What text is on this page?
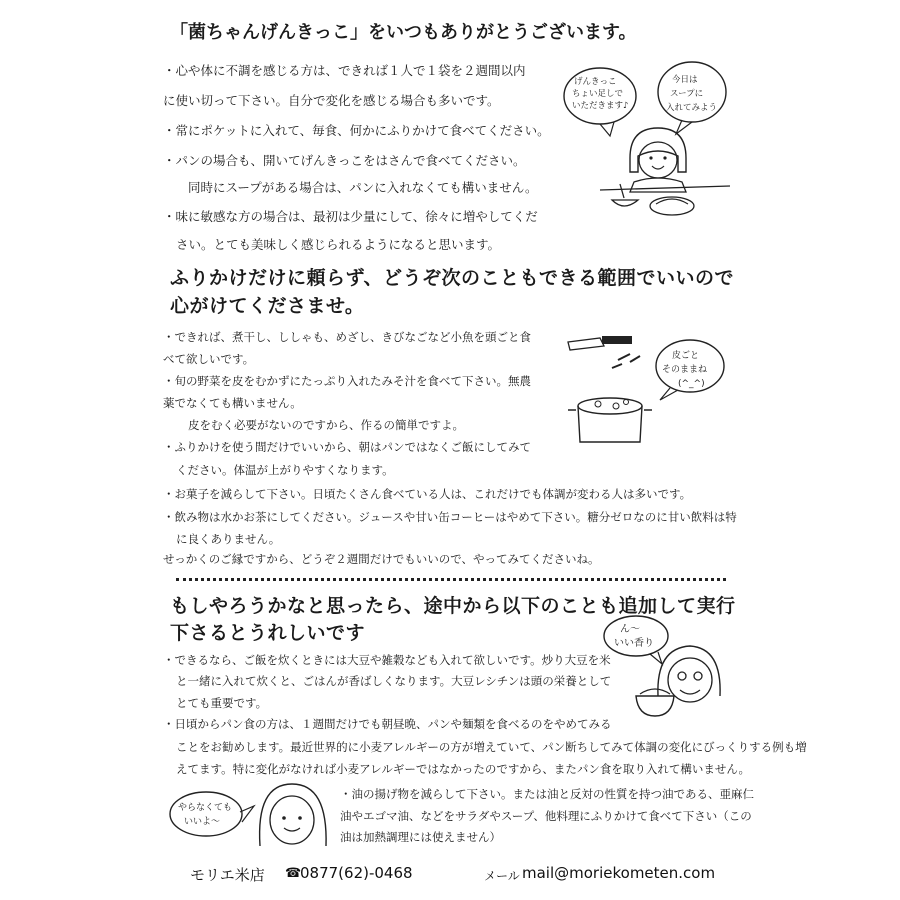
「菌ちゃんげんきっこ」をいつもありがとうございます。
・心や体に不調を感じる方は、できれば１人で１袋を２週間以内
に使い切って下さい。自分で変化を感じる場合も多いです。
・常にポケットに入れて、毎食、何かにふりかけて食べてください。
・パンの場合も、開いてげんきっこをはさんで食べてください。
同時にスープがある場合は、パンに入れなくても構いません。
・味に敏感な方の場合は、最初は少量にして、徐々に増やしてくだ
さい。とても美味しく感じられるようになると思います。
げんきっこ
ちょい足しで
いただきます♪
今日は
スープに
入れてみよう
ふりかけだけに頼らず、どうぞ次のこともできる範囲でいいので
心がけてくださませ。
・できれば、煮干し、ししゃも、めざし、きびなごなど小魚を頭ごと食
べて欲しいです。
・旬の野菜を皮をむかずにたっぷり入れたみそ汁を食べて下さい。無農
薬でなくても構いません。
皮をむく必要がないのですから、作るの簡単ですよ。
・ふりかけを使う間だけでいいから、朝はパンではなくご飯にしてみて
ください。体温が上がりやすくなります。
・お菓子を減らして下さい。日頃たくさん食べている人は、これだけでも体調が変わる人は多いです。
・飲み物は水かお茶にしてください。ジュースや甘い缶コーヒーはやめて下さい。糖分ゼロなのに甘い飲料は特
に良くありません。
せっかくのご縁ですから、どうぞ２週間だけでもいいので、やってみてくださいね。
皮ごと
そのままね
(^_^)
もしやろうかなと思ったら、途中から以下のことも追加して実行
下さるとうれしいです
・できるなら、ご飯を炊くときには大豆や雑穀なども入れて欲しいです。炒り大豆を米
と一緒に入れて炊くと、ごはんが香ばしくなります。大豆レシチンは頭の栄養として
とても重要です。
・日頃からパン食の方は、１週間だけでも朝昼晩、パンや麺類を食べるのをやめてみる
ことをお勧めします。最近世界的に小麦アレルギーの方が増えていて、パン断ちしてみて体調の変化にびっくりする例も増
えてます。特に変化がなければ小麦アレルギーではなかったのですから、またパン食を取り入れて構いません。
・油の揚げ物を減らして下さい。または油と反対の性質を持つ油である、亜麻仁
油やエゴマ油、などをサラダやスープ、他料理にふりかけて食べて下さい（この
油は加熱調理には使えません）
ん〜
いい香り
やらなくても
いいよ〜
モリエ米店 ☎
0877(62)-0468	メール mail@moriekometen.com
